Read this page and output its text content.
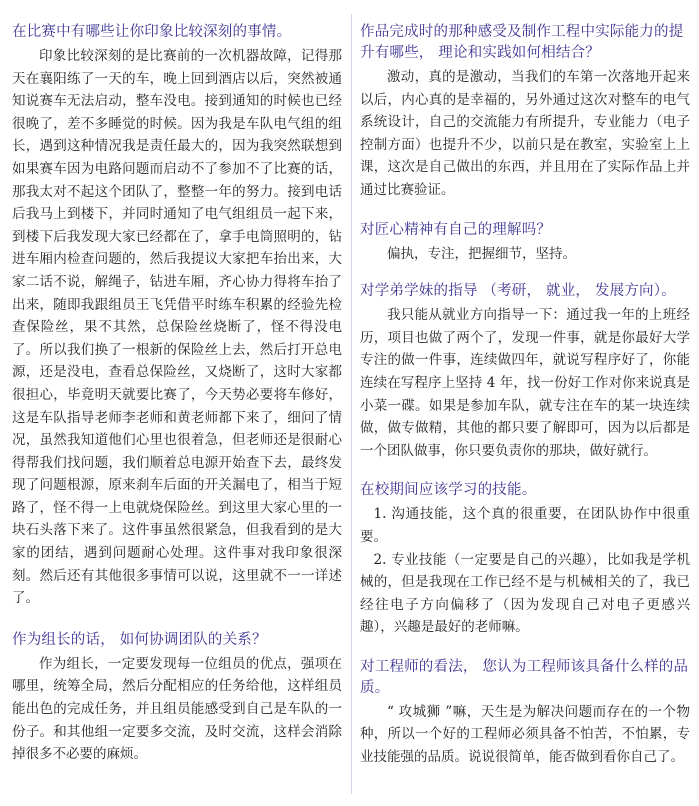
在比赛中有哪些让你印象比较深刻的事情。

印象比较深刻的是比赛前的一次机器故障，记得那天在襄阳练了一天的车，晚上回到酒店以后，突然被通知说赛车无法启动，整车没电。接到通知的时候也已经很晚了，差不多睡觉的时候。因为我是车队电气组的组长，遇到这种情况我是责任最大的，因为我突然联想到如果赛车因为电路问题而启动不了参加不了比赛的话，那我太对不起这个团队了，整整一年的努力。接到电话后我马上到楼下，并同时通知了电气组组员一起下来，到楼下后我发现大家已经都在了，拿手电筒照明的，钻进车厢内检查问题的，然后我提议大家把车抬出来，大家二话不说，解绳子，钻进车厢，齐心协力得将车抬了出来，随即我跟组员王飞凭借平时练车积累的经验先检查保险丝，果不其然，总保险丝烧断了，怪不得没电了。所以我们换了一根新的保险丝上去，然后打开总电源，还是没电，查看总保险丝，又烧断了，这时大家都很担心，毕竟明天就要比赛了，今天势必要将车修好，这是车队指导老师李老师和黄老师都下来了，细问了情况，虽然我知道他们心里也很着急，但老师还是很耐心得帮我们找问题，我们顺着总电源开始查下去，最终发现了问题根源，原来刹车后面的开关漏电了，相当于短路了，怪不得一上电就烧保险丝。到这里大家心里的一块石头落下来了。这件事虽然很紧急，但我看到的是大家的团结，遇到问题耐心处理。这件事对我印象很深刻。然后还有其他很多事情可以说，这里就不一一详述了。

作为组长的话， 如何协调团队的关系？

作为组长，一定要发现每一位组员的优点，强项在哪里，统筹全局，然后分配相应的任务给他，这样组员能出色的完成任务，并且组员能感受到自己是车队的一份子。和其他组一定要多交流，及时交流，这样会消除掉很多不必要的麻烦。

作品完成时的那种感受及制作工程中实际能力的提升有哪些， 理论和实践如何相结合？

激动，真的是激动，当我们的车第一次落地开起来以后，内心真的是幸福的，另外通过这次对整车的电气系统设计，自己的交流能力有所提升，专业能力（电子控制方面）也提升不少，以前只是在教室，实验室上上课，这次是自己做出的东西，并且用在了实际作品上并通过比赛验证。

对匠心精神有自己的理解吗？

偏执，专注，把握细节，坚持。

对学弟学妹的指导 （考研， 就业， 发展方向）。

我只能从就业方向指导一下：通过我一年的上班经历，项目也做了两个了，发现一件事，就是你最好大学专注的做一件事，连续做四年，就说写程序好了，你能连续在写程序上坚持 4 年，找一份好工作对你来说真是小菜一碟。如果是参加车队，就专注在车的某一块连续做，做专做精，其他的都只要了解即可，因为以后都是一个团队做事，你只要负责你的那块，做好就行。

在校期间应该学习的技能。

1. 沟通技能，这个真的很重要，在团队协作中很重要。

2. 专业技能（一定要是自己的兴趣），比如我是学机械的，但是我现在工作已经不是与机械相关的了，我已经往电子方向偏移了（因为发现自己对电子更感兴趣），兴趣是最好的老师嘛。

对工程师的看法， 您认为工程师该具备什么样的品质。

“ 攻城狮 ”嘛，天生是为解决问题而存在的一个物种，所以一个好的工程师必须具备不怕苦，不怕累，专业技能强的品质。说说很简单，能否做到看你自己了。
